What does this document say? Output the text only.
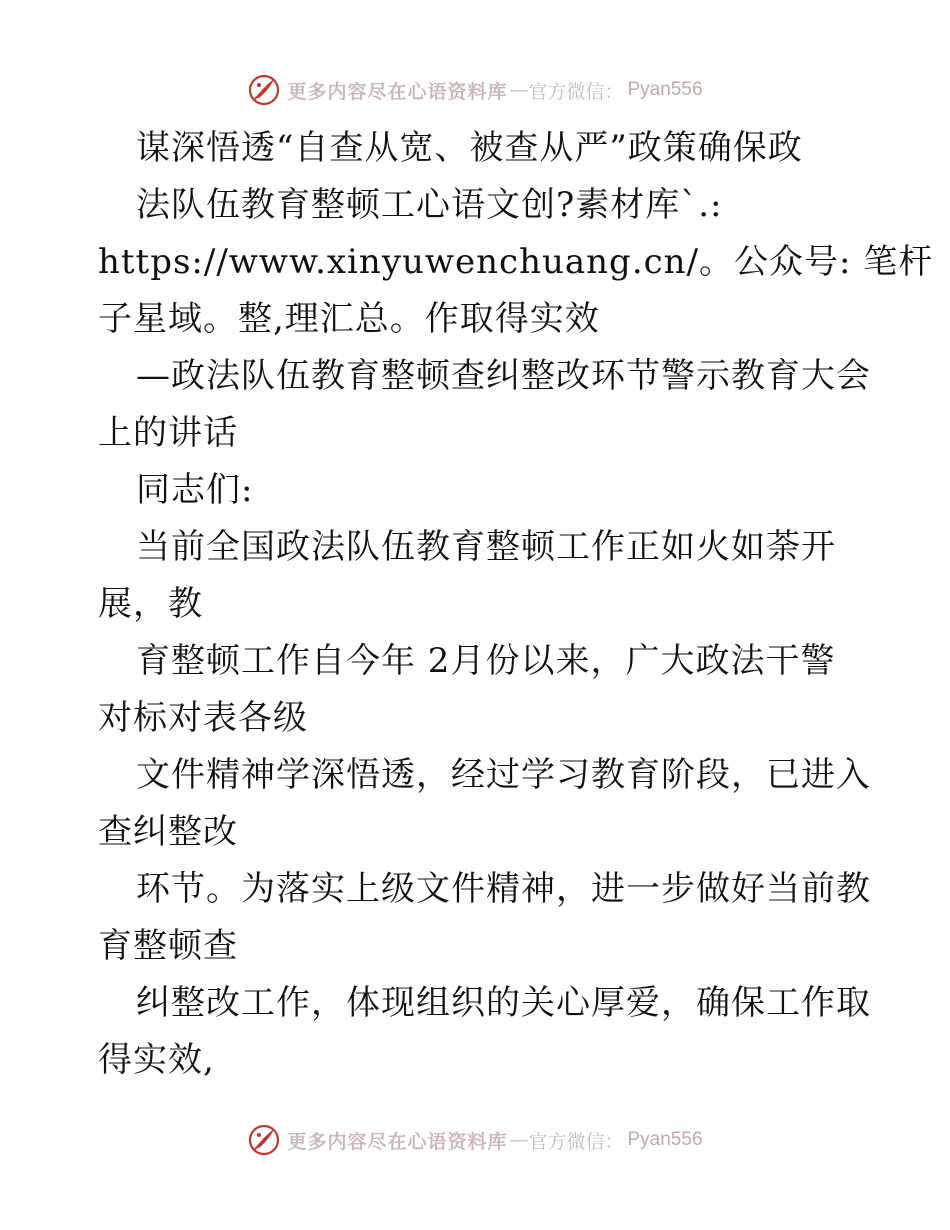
更多内容尽在心语资料库 — 官方微信： Pyan556
谋深悟透“自查从宽、被查从严”政策确保政
法队伍教育整顿工心语文创?素材库`.:
https://www.xinyuwenchuang.cn/。公众号: 笔杆
子星域。整,理汇总。作取得实效
—政法队伍教育整顿查纠整改环节警示教育大会
上的讲话
同志们:
当前全国政法队伍教育整顿工作正如火如荼开
展，教
育整顿工作自今年 2月份以来，广大政法干警
对标对表各级
文件精神学深悟透，经过学习教育阶段，已进入
查纠整改
环节。为落实上级文件精神，进一步做好当前教
育整顿查
纠整改工作，体现组织的关心厚爱，确保工作取
得实效,
更多内容尽在心语资料库 — 官方微信： Pyan556
